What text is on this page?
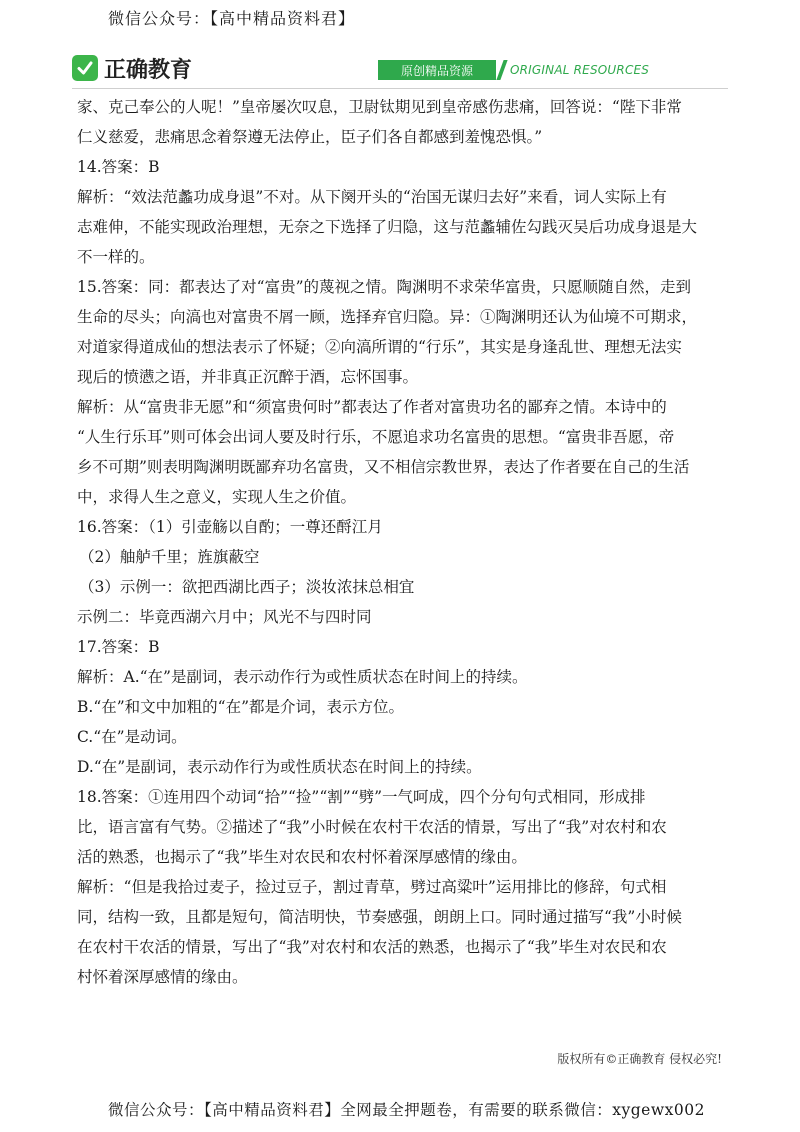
微信公众号：【高中精品资料君】
正确教育	原创精品资源	ORIGINAL RESOURCES

家、克己奉公的人呢！”皇帝屡次叹息，卫尉钛期见到皇帝感伤悲痛，回答说：“陛下非常

仁义慈爱，悲痛思念着祭遵无法停止，臣子们各自都感到羞愧恐惧。”

14.答案：B

解析：“效法范蠡功成身退”不对。从下阕开头的“治国无谋归去好”来看，词人实际上有

志难伸，不能实现政治理想，无奈之下选择了归隐，这与范蠡辅佐勾践灭吴后功成身退是大

不一样的。

15.答案：同：都表达了对“富贵”的蔑视之情。陶渊明不求荣华富贵，只愿顺随自然，走到

生命的尽头；向滈也对富贵不屑一顾，选择弃官归隐。异：①陶渊明还认为仙境不可期求，

对道家得道成仙的想法表示了怀疑；②向滈所谓的“行乐”，其实是身逢乱世、理想无法实

现后的愤懑之语，并非真正沉醉于酒，忘怀国事。

解析：从“富贵非无愿”和“须富贵何时”都表达了作者对富贵功名的鄙弃之情。本诗中的

“人生行乐耳”则可体会出词人要及时行乐，不愿追求功名富贵的思想。“富贵非吾愿，帝

乡不可期”则表明陶渊明既鄙弃功名富贵，又不相信宗教世界，表达了作者要在自己的生活

中，求得人生之意义，实现人生之价值。

16.答案：（1）引壶觞以自酌；一尊还酹江月

（2）舳舻千里；旌旗蔽空

（3）示例一：欲把西湖比西子；淡妆浓抹总相宜

示例二：毕竟西湖六月中；风光不与四时同

17.答案：B

解析：A.“在”是副词，表示动作行为或性质状态在时间上的持续。

B.“在”和文中加粗的“在”都是介词，表示方位。

C.“在”是动词。

D.“在”是副词，表示动作行为或性质状态在时间上的持续。

18.答案：①连用四个动词“拾”“捡”“割”“劈”一气呵成，四个分句句式相同，形成排

比，语言富有气势。②描述了“我”小时候在农村干农活的情景，写出了“我”对农村和农

活的熟悉，也揭示了“我”毕生对农民和农村怀着深厚感情的缘由。

解析：“但是我拾过麦子，捡过豆子，割过青草，劈过高粱叶”运用排比的修辞，句式相

同，结构一致，且都是短句，简洁明快，节奏感强，朗朗上口。同时通过描写“我”小时候

在农村干农活的情景，写出了“我”对农村和农活的熟悉，也揭示了“我”毕生对农民和农

村怀着深厚感情的缘由。

版权所有©正确教育 侵权必究!
微信公众号：【高中精品资料君】全网最全押题卷，有需要的联系微信：xygewx002
